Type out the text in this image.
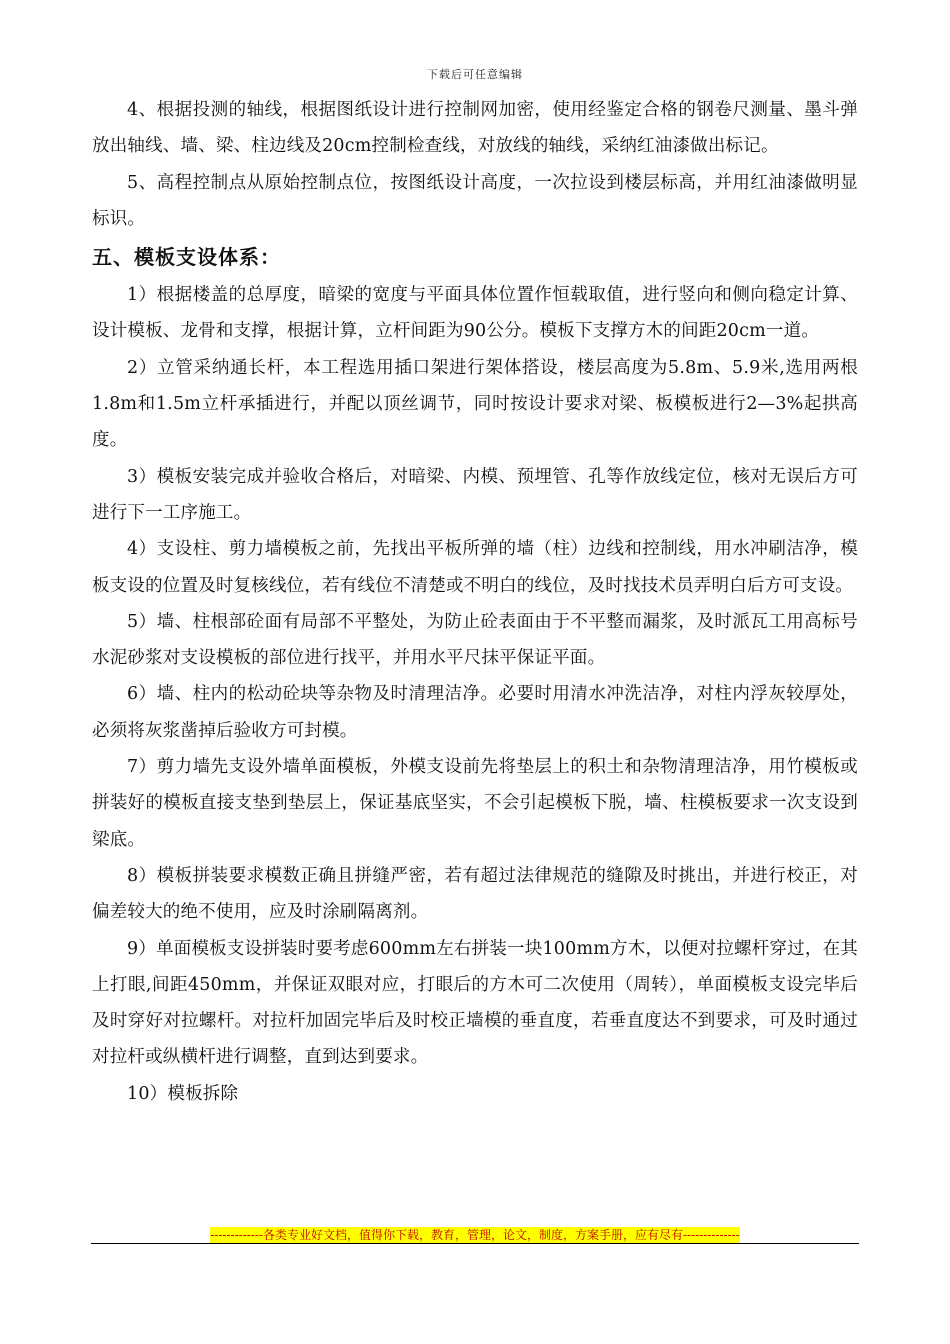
下载后可任意编辑

4、根据投测的轴线，根据图纸设计进行控制网加密，使用经鉴定合格的钢卷尺测量、墨斗弹放出轴线、墙、梁、柱边线及20cm控制检查线，对放线的轴线，采纳红油漆做出标记。

5、高程控制点从原始控制点位，按图纸设计高度，一次拉设到楼层标高，并用红油漆做明显标识。

五、模板支设体系：

1）根据楼盖的总厚度，暗梁的宽度与平面具体位置作恒载取值，进行竖向和侧向稳定计算、设计模板、龙骨和支撑，根据计算，立杆间距为90公分。模板下支撑方木的间距20cm一道。

2）立管采纳通长杆，本工程选用插口架进行架体搭设，楼层高度为5.8m、5.9米,选用两根1.8m和1.5m立杆承插进行，并配以顶丝调节，同时按设计要求对梁、板模板进行2—3%起拱高度。

3）模板安装完成并验收合格后，对暗梁、内模、预埋管、孔等作放线定位，核对无误后方可进行下一工序施工。

4）支设柱、剪力墙模板之前，先找出平板所弹的墙（柱）边线和控制线，用水冲刷洁净，模板支设的位置及时复核线位，若有线位不清楚或不明白的线位，及时找技术员弄明白后方可支设。

5）墙、柱根部砼面有局部不平整处，为防止砼表面由于不平整而漏浆，及时派瓦工用高标号水泥砂浆对支设模板的部位进行找平，并用水平尺抹平保证平面。

6）墙、柱内的松动砼块等杂物及时清理洁净。必要时用清水冲洗洁净，对柱内浮灰较厚处，必须将灰浆凿掉后验收方可封模。

7）剪力墙先支设外墙单面模板，外模支设前先将垫层上的积土和杂物清理洁净，用竹模板或拼装好的模板直接支垫到垫层上，保证基底坚实，不会引起模板下脱，墙、柱模板要求一次支设到梁底。

8）模板拼装要求模数正确且拼缝严密，若有超过法律规范的缝隙及时挑出，并进行校正，对偏差较大的绝不使用，应及时涂刷隔离剂。

9）单面模板支设拼装时要考虑600mm左右拼装一块100mm方木，以便对拉螺杆穿过，在其上打眼,间距450mm，并保证双眼对应，打眼后的方木可二次使用（周转），单面模板支设完毕后及时穿好对拉螺杆。对拉杆加固完毕后及时校正墙模的垂直度，若垂直度达不到要求，可及时通过对拉杆或纵横杆进行调整，直到达到要求。

10）模板拆除

-------------各类专业好文档，值得你下载，教育，管理，论文，制度，方案手册，应有尽有--------------
